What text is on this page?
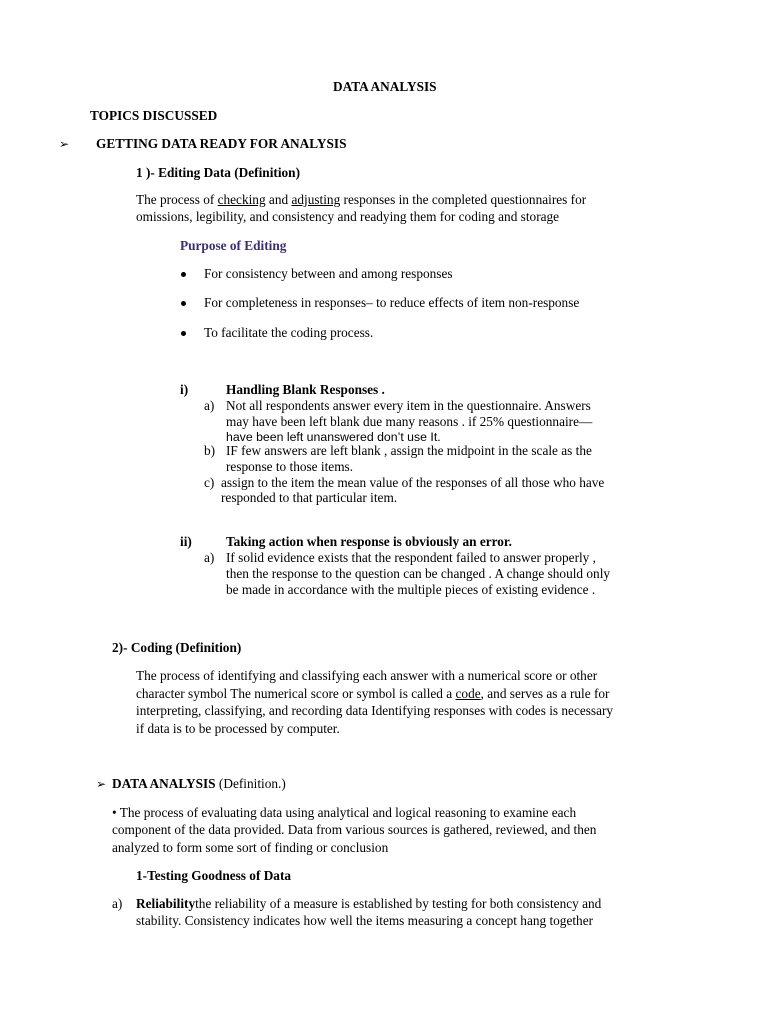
DATA ANALYSIS
TOPICS DISCUSSED
➢ GETTING DATA READY FOR ANALYSIS
1 )- Editing Data (Definition)
The process of checking and adjusting responses in the completed questionnaires for
omissions, legibility, and consistency and readying them for coding and storage
Purpose of Editing
For consistency between and among responses
For completeness in responses– to reduce effects of item non-response
To facilitate the coding process.
i)	Handling Blank Responses .
a) Not all respondents answer every item in the questionnaire. Answers
may have been left blank due many reasons . if 25% questionnaire—
have been left unanswered don’t use It.
b) IF few answers are left blank , assign the midpoint in the scale as the
response to those items.
c) assign to the item the mean value of the responses of all those who have
responded to that particular item.
ii)	Taking action when response is obviously an error.
a) If solid evidence exists that the respondent failed to answer properly ,
then the response to the question can be changed . A change should only
be made in accordance with the multiple pieces of existing evidence .
2)- Coding (Definition)
The process of identifying and classifying each answer with a numerical score or other
character symbol The numerical score or symbol is called a code, and serves as a rule for
interpreting, classifying, and recording data Identifying responses with codes is necessary
if data is to be processed by computer.
➢ DATA ANALYSIS (Definition.)
• The process of evaluating data using analytical and logical reasoning to examine each
component of the data provided. Data from various sources is gathered, reviewed, and then
analyzed to form some sort of finding or conclusion
1-Testing Goodness of Data
a) Reliabilitythe reliability of a measure is established by testing for both consistency and
stability. Consistency indicates how well the items measuring a concept hang together
